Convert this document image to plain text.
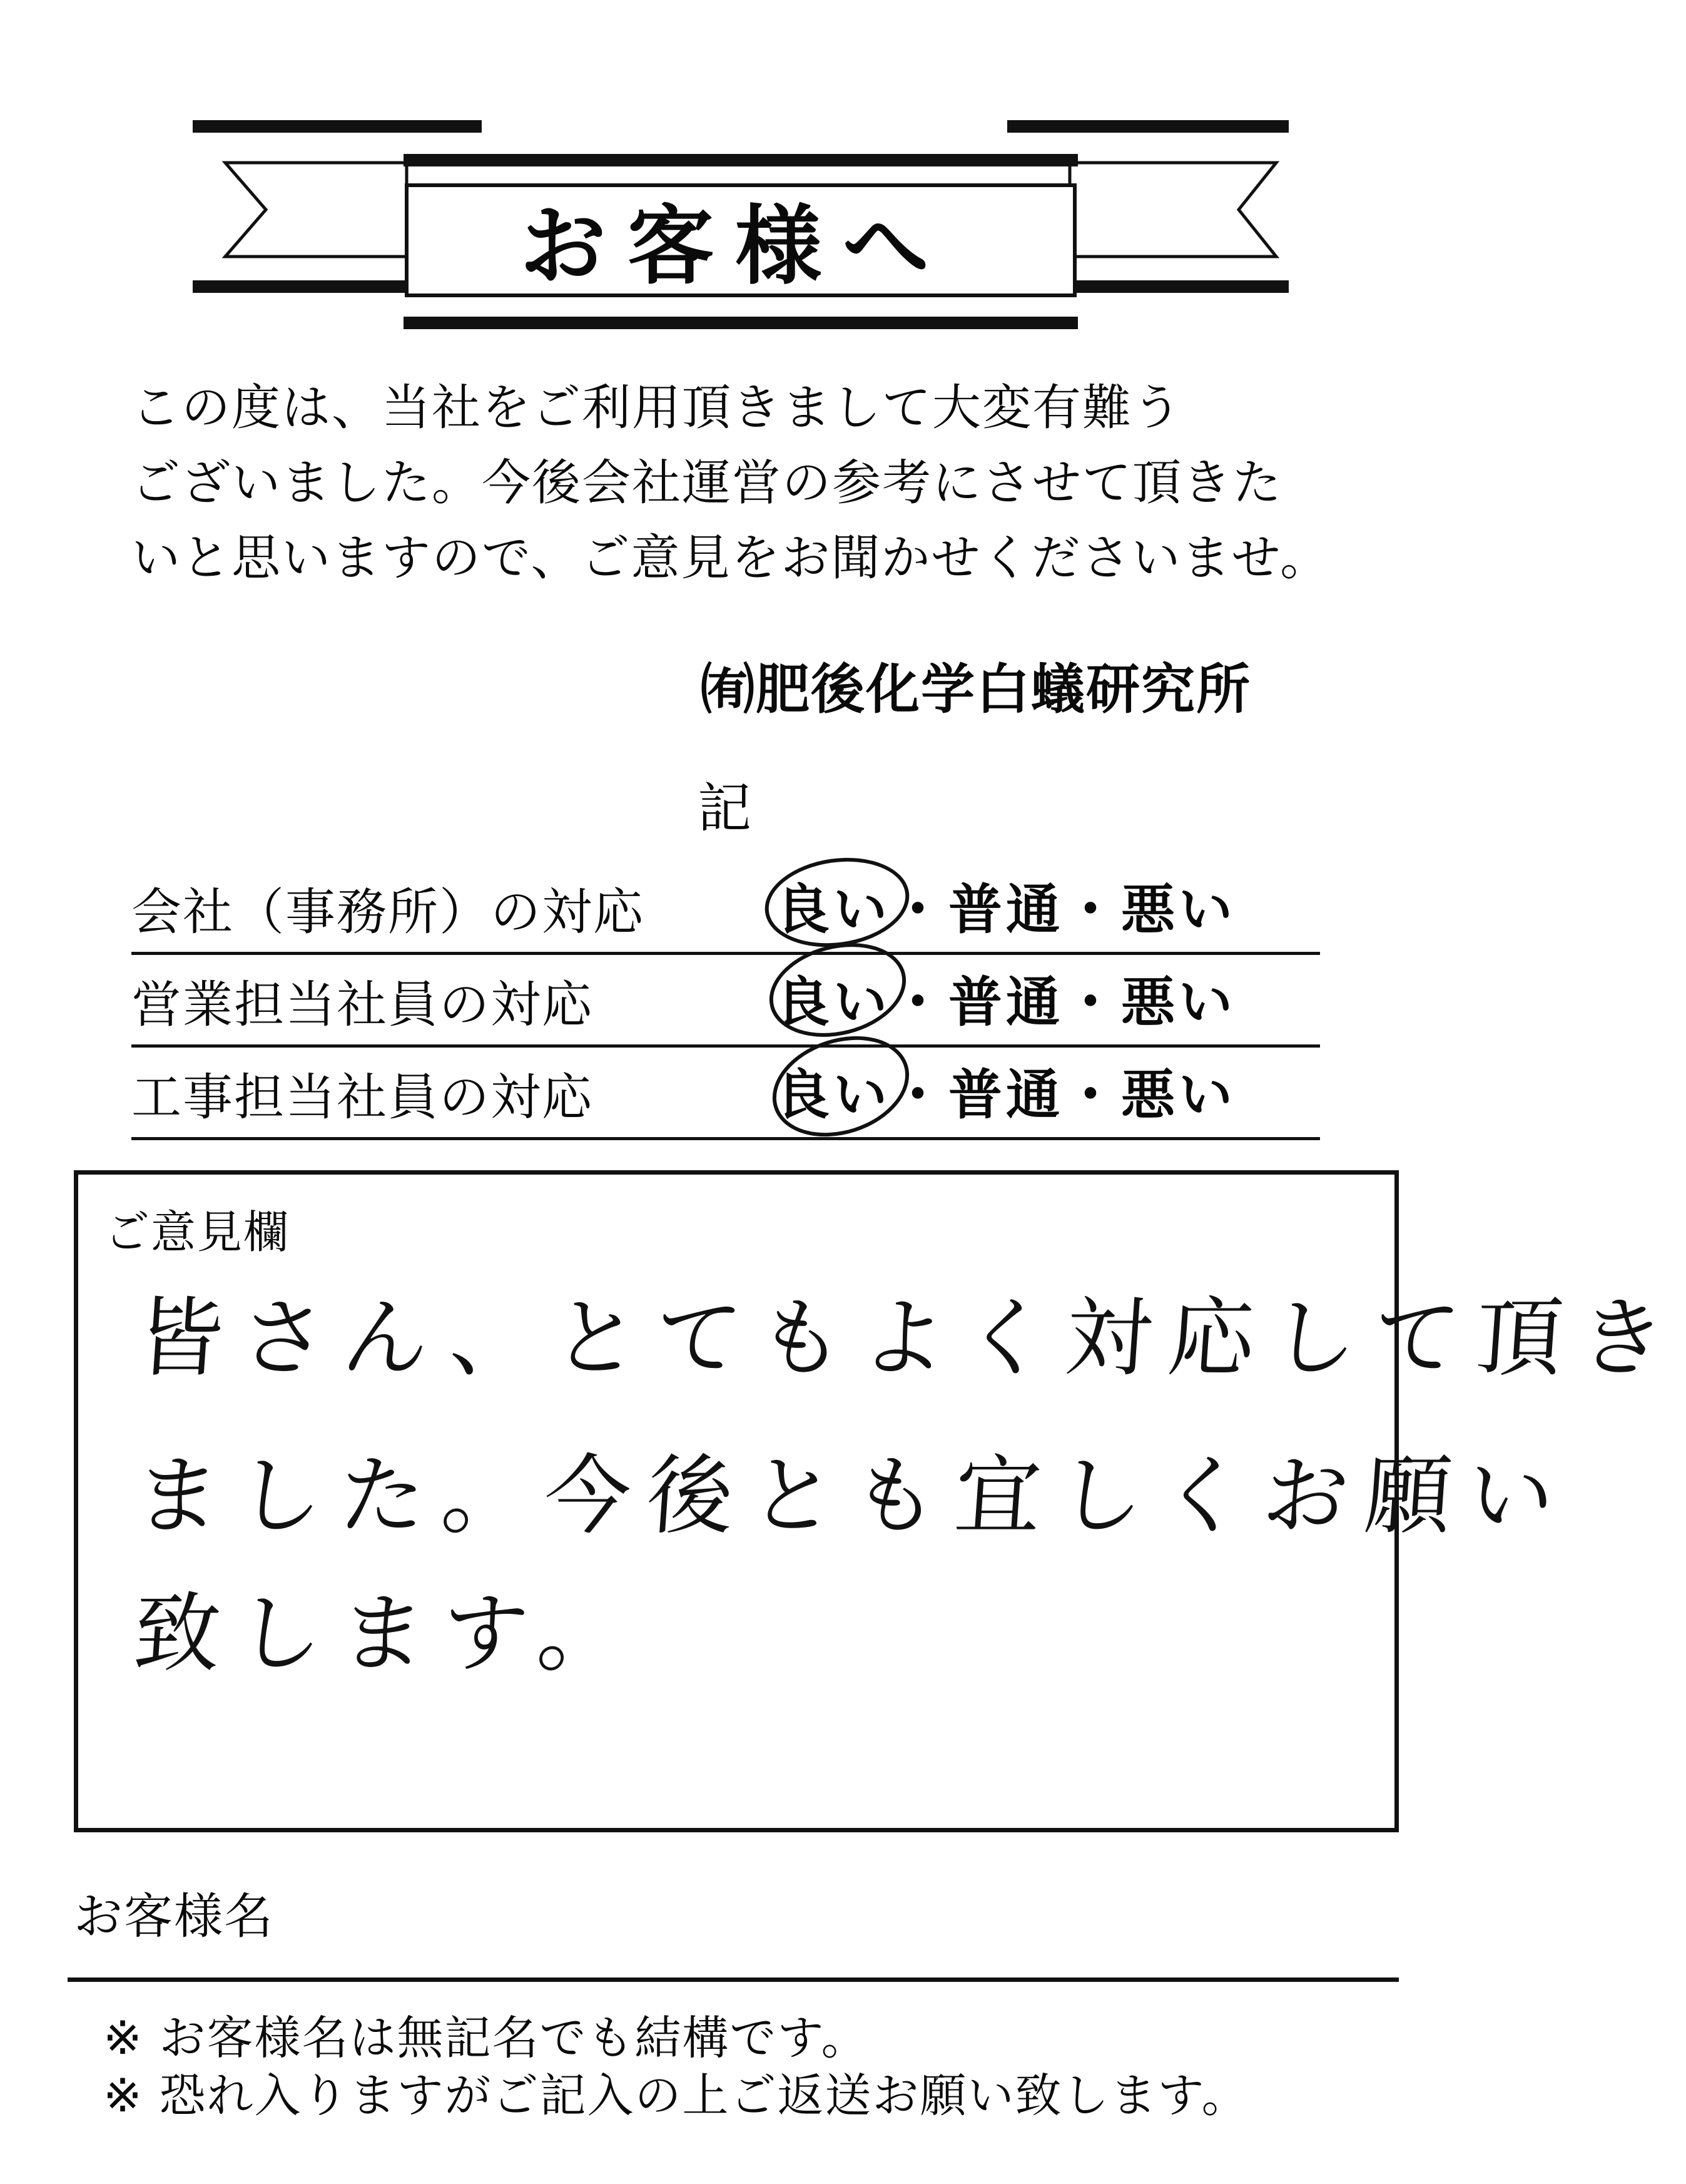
お客様へ
この度は、当社をご利用頂きまして大変有難う
ございました。今後会社運営の参考にさせて頂きた
いと思いますので、ご意見をお聞かせくださいませ。
㈲肥後化学白蟻研究所
記
会社（事務所）の対応 良い・普通・悪い
営業担当社員の対応	良い・普通・悪い
工事担当社員の対応	良い・普通・悪い
ご意見欄
皆さん、とてもよく対応して頂き
ました。今後とも宜しくお願い
致します。
お客様名
※ お客様名は無記名でも結構です。
※ 恐れ入りますがご記入の上ご返送お願い致します。
